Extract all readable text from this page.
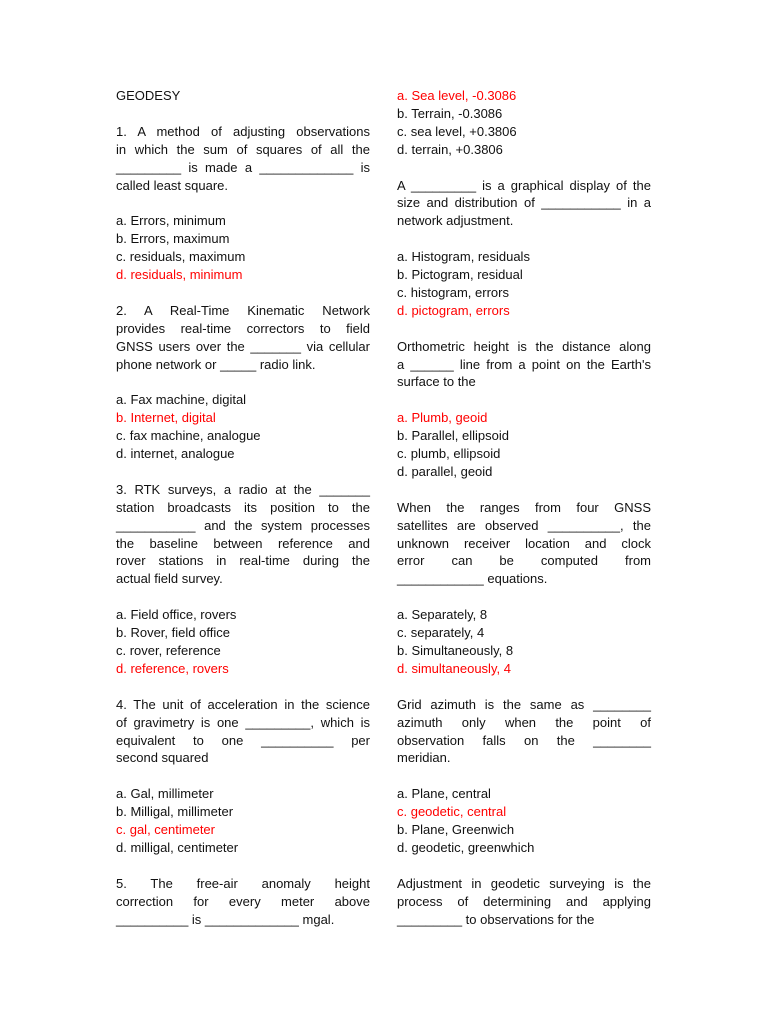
GEODESY
1. A method of adjusting observations
in which the sum of squares of all the
_________ is made a _____________ is
called least square.
a. Errors, minimum
b. Errors, maximum
c. residuals, maximum
d. residuals, minimum
2. A Real-Time Kinematic Network
provides real-time correctors to field
GNSS users over the _______ via cellular
phone network or _____ radio link.
a. Fax machine, digital
b. Internet, digital
c. fax machine, analogue
d. internet, analogue
3. RTK surveys, a radio at the _______
station broadcasts its position to the
___________ and the system processes
the baseline between reference and
rover stations in real-time during the
actual field survey.
a. Field office, rovers
b. Rover, field office
c. rover, reference
d. reference, rovers
4. The unit of acceleration in the science
of gravimetry is one _________, which is
equivalent to one __________ per
second squared
a. Gal, millimeter
b. Milligal, millimeter
c. gal, centimeter
d. milligal, centimeter
5. The free-air anomaly height
correction for every meter above
__________ is _____________ mgal.
a. Sea level, -0.3086
b. Terrain, -0.3086
c. sea level, +0.3806
d. terrain, +0.3806
A _________ is a graphical display of the
size and distribution of ___________ in a
network adjustment.
a. Histogram, residuals
b. Pictogram, residual
c. histogram, errors
d. pictogram, errors
Orthometric height is the distance along
a ______ line from a point on the Earth's
surface to the
a. Plumb, geoid
b. Parallel, ellipsoid
c. plumb, ellipsoid
d. parallel, geoid
When the ranges from four GNSS
satellites are observed __________, the
unknown receiver location and clock
error can be computed from
____________ equations.
a. Separately, 8
c. separately, 4
b. Simultaneously, 8
d. simultaneously, 4
Grid azimuth is the same as ________
azimuth only when the point of
observation falls on the ________
meridian.
a. Plane, central
c. geodetic, central
b. Plane, Greenwich
d. geodetic, greenwhich
Adjustment in geodetic surveying is the
process of determining and applying
_________ to observations for the
